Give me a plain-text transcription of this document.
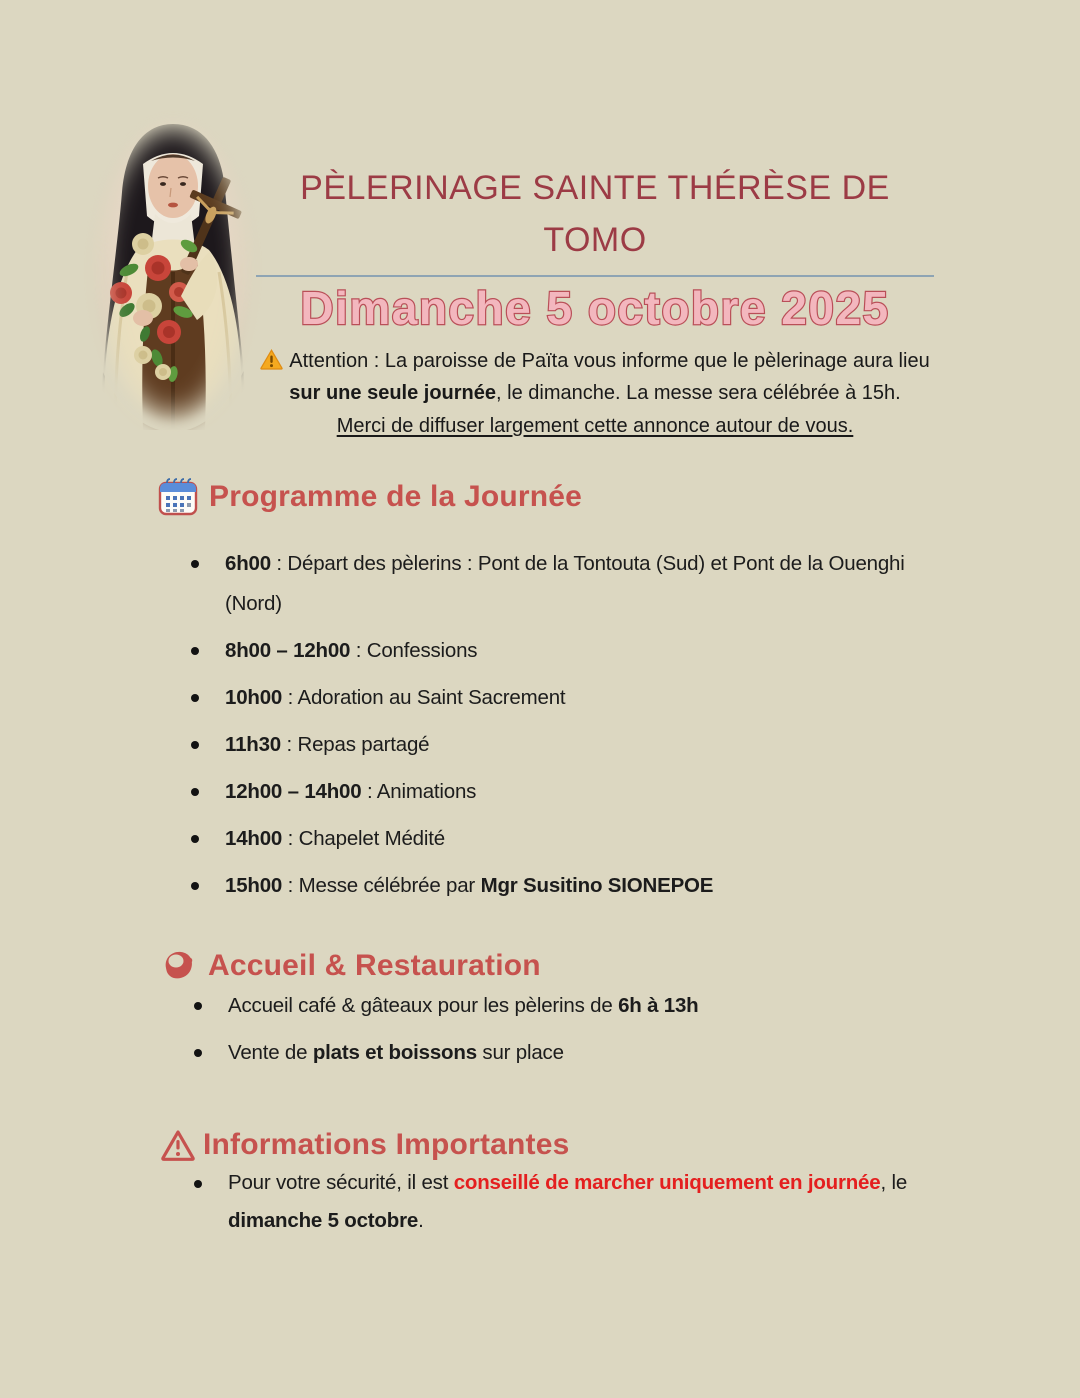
PÈLERINAGE SAINTE THÉRÈSE DE
TOMO
Dimanche 5 octobre 2025

Attention : La paroisse de Païta vous informe que le pèlerinage aura lieu sur une seule journée, le dimanche. La messe sera célébrée à 15h.

Merci de diffuser largement cette annonce autour de vous.

Programme de la Journée
6h00 : Départ des pèlerins : Pont de la Tontouta (Sud) et Pont de la Ouenghi (Nord)
8h00 – 12h00 : Confessions
10h00 : Adoration au Saint Sacrement
11h30 : Repas partagé
12h00 – 14h00 : Animations
14h00 : Chapelet Médité
15h00 : Messe célébrée par Mgr Susitino SIONEPOE
Accueil & Restauration
Accueil café & gâteaux pour les pèlerins de 6h à 13h
Vente de plats et boissons sur place
Informations Importantes
Pour votre sécurité, il est conseillé de marcher uniquement en journée, le dimanche 5 octobre.
